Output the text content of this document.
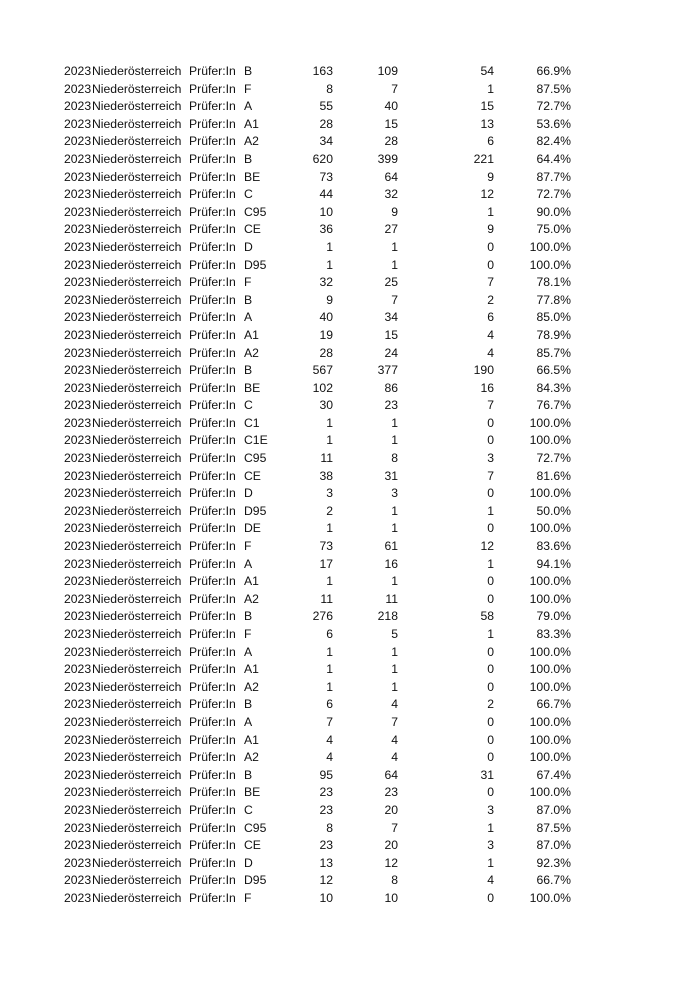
2023	Niederösterreich	Prüfer:In	B	163	109	54	66.9%
2023	Niederösterreich	Prüfer:In	F	8	7	1	87.5%
2023	Niederösterreich	Prüfer:In	A	55	40	15	72.7%
2023	Niederösterreich	Prüfer:In	A1	28	15	13	53.6%
2023	Niederösterreich	Prüfer:In	A2	34	28	6	82.4%
2023	Niederösterreich	Prüfer:In	B	620	399	221	64.4%
2023	Niederösterreich	Prüfer:In	BE	73	64	9	87.7%
2023	Niederösterreich	Prüfer:In	C	44	32	12	72.7%
2023	Niederösterreich	Prüfer:In	C95	10	9	1	90.0%
2023	Niederösterreich	Prüfer:In	CE	36	27	9	75.0%
2023	Niederösterreich	Prüfer:In	D	1	1	0	100.0%
2023	Niederösterreich	Prüfer:In	D95	1	1	0	100.0%
2023	Niederösterreich	Prüfer:In	F	32	25	7	78.1%
2023	Niederösterreich	Prüfer:In	B	9	7	2	77.8%
2023	Niederösterreich	Prüfer:In	A	40	34	6	85.0%
2023	Niederösterreich	Prüfer:In	A1	19	15	4	78.9%
2023	Niederösterreich	Prüfer:In	A2	28	24	4	85.7%
2023	Niederösterreich	Prüfer:In	B	567	377	190	66.5%
2023	Niederösterreich	Prüfer:In	BE	102	86	16	84.3%
2023	Niederösterreich	Prüfer:In	C	30	23	7	76.7%
2023	Niederösterreich	Prüfer:In	C1	1	1	0	100.0%
2023	Niederösterreich	Prüfer:In	C1E	1	1	0	100.0%
2023	Niederösterreich	Prüfer:In	C95	11	8	3	72.7%
2023	Niederösterreich	Prüfer:In	CE	38	31	7	81.6%
2023	Niederösterreich	Prüfer:In	D	3	3	0	100.0%
2023	Niederösterreich	Prüfer:In	D95	2	1	1	50.0%
2023	Niederösterreich	Prüfer:In	DE	1	1	0	100.0%
2023	Niederösterreich	Prüfer:In	F	73	61	12	83.6%
2023	Niederösterreich	Prüfer:In	A	17	16	1	94.1%
2023	Niederösterreich	Prüfer:In	A1	1	1	0	100.0%
2023	Niederösterreich	Prüfer:In	A2	11	11	0	100.0%
2023	Niederösterreich	Prüfer:In	B	276	218	58	79.0%
2023	Niederösterreich	Prüfer:In	F	6	5	1	83.3%
2023	Niederösterreich	Prüfer:In	A	1	1	0	100.0%
2023	Niederösterreich	Prüfer:In	A1	1	1	0	100.0%
2023	Niederösterreich	Prüfer:In	A2	1	1	0	100.0%
2023	Niederösterreich	Prüfer:In	B	6	4	2	66.7%
2023	Niederösterreich	Prüfer:In	A	7	7	0	100.0%
2023	Niederösterreich	Prüfer:In	A1	4	4	0	100.0%
2023	Niederösterreich	Prüfer:In	A2	4	4	0	100.0%
2023	Niederösterreich	Prüfer:In	B	95	64	31	67.4%
2023	Niederösterreich	Prüfer:In	BE	23	23	0	100.0%
2023	Niederösterreich	Prüfer:In	C	23	20	3	87.0%
2023	Niederösterreich	Prüfer:In	C95	8	7	1	87.5%
2023	Niederösterreich	Prüfer:In	CE	23	20	3	87.0%
2023	Niederösterreich	Prüfer:In	D	13	12	1	92.3%
2023	Niederösterreich	Prüfer:In	D95	12	8	4	66.7%
2023	Niederösterreich	Prüfer:In	F	10	10	0	100.0%
